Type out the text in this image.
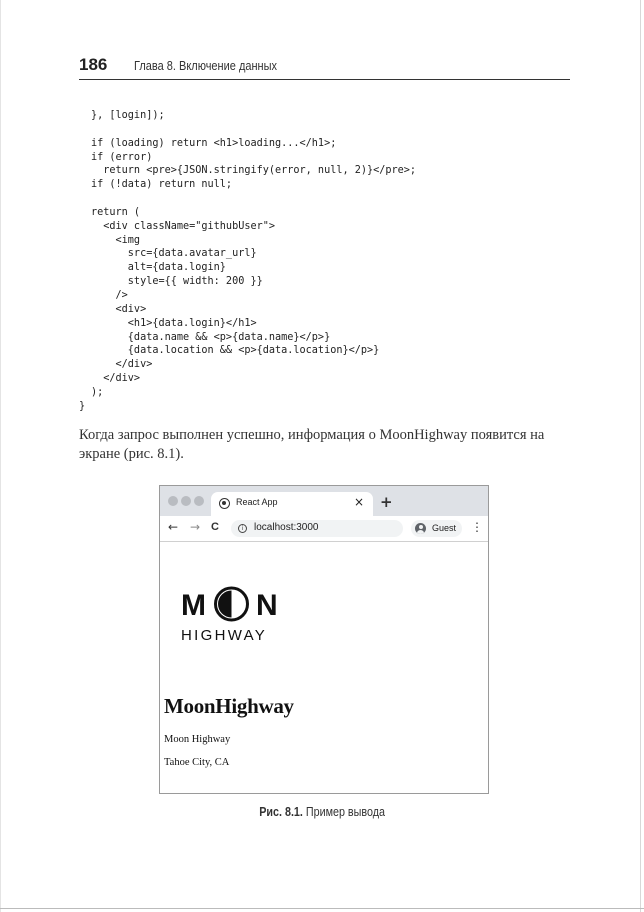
186 Глава 8. Включение данных
}, [login]);

if (loading) return <h1>loading...</h1>;
if (error)
return <pre>{JSON.stringify(error, null, 2)}</pre>;
if (!data) return null;

return (
<div className="githubUser">
<img
src={data.avatar_url}
alt={data.login}
style={{ width: 200 }}
/>
<div>
<h1>{data.login}</h1>
{data.name && <p>{data.name}</p>}
{data.location && <p>{data.location}</p>}
</div>
</div>
);
}

Когда запрос выполнен успешно, информация о MoonHighway появится на экране (рис. 8.1).

React App	× +
← → C	i	localhost:3000	Guest ⋮
M N
HIGHWAY
MoonHighway
Moon Highway
Tahoe City, CA
Рис. 8.1. Пример вывода
